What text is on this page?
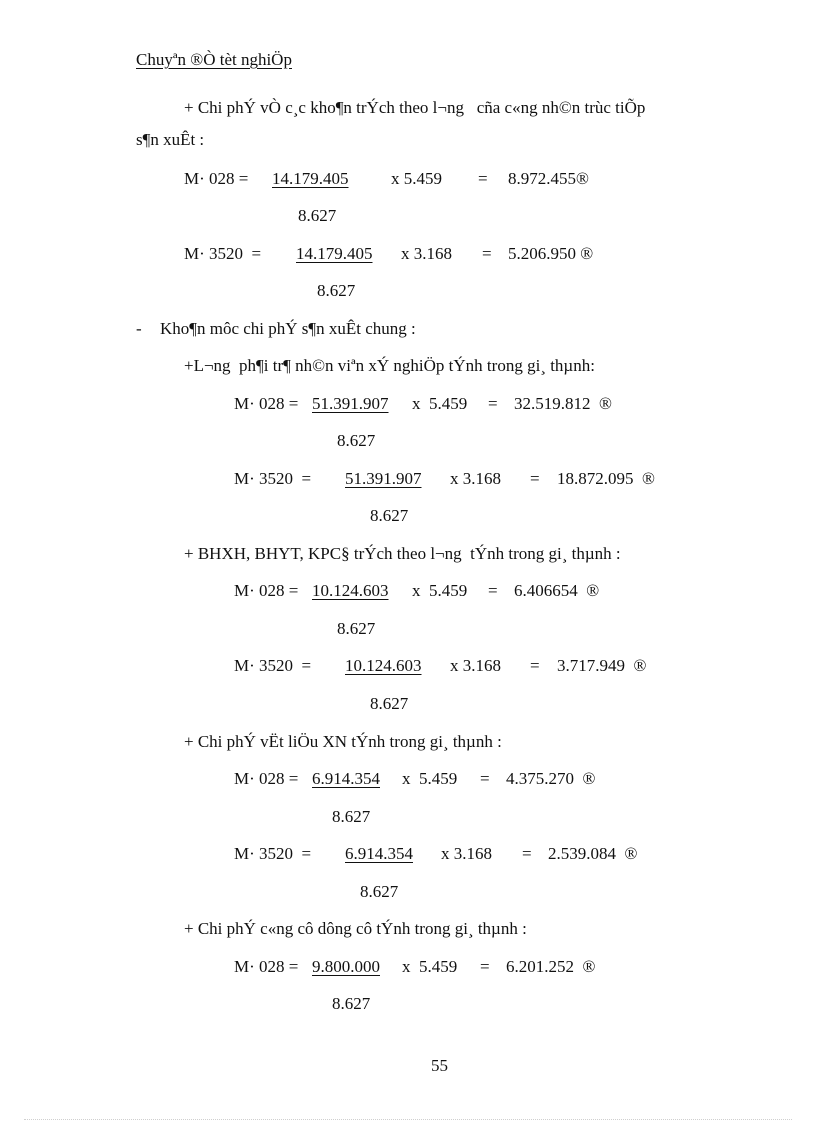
Chuyªn ®Ò tèt nghiÖp
+ Chi phÝ vÒ c¸c kho¶n trÝch theo l¬ng   cña c«ng nh©n trùc tiÕp
s¶n xuÊt :
M· 028 = 14.179.405	x 5.459 = 8.972.455®
8.627
M· 3520  = 14.179.405 x 3.168 = 5.206.950 ®
8.627
- Kho¶n môc chi phÝ s¶n xuÊt chung :
+L¬ng  ph¶i tr¶ nh©n viªn xÝ nghiÖp tÝnh trong gi¸ thµnh:
M· 028 = 51.391.907 x  5.459 = 32.519.812  ®
8.627
M· 3520  = 51.391.907 x 3.168 = 18.872.095  ®
8.627
+ BHXH, BHYT, KPC§ trÝch theo l¬ng  tÝnh trong gi¸ thµnh :
M· 028 = 10.124.603 x  5.459 = 6.406654  ®
8.627
M· 3520  = 10.124.603 x 3.168 = 3.717.949  ®
8.627
+ Chi phÝ vËt liÖu XN tÝnh trong gi¸ thµnh :
M· 028 = 6.914.354 x  5.459 = 4.375.270  ®
8.627
M· 3520  = 6.914.354 x 3.168 = 2.539.084  ®
8.627
+ Chi phÝ c«ng cô dông cô tÝnh trong gi¸ thµnh :
M· 028 = 9.800.000 x  5.459 = 6.201.252  ®
8.627
55
